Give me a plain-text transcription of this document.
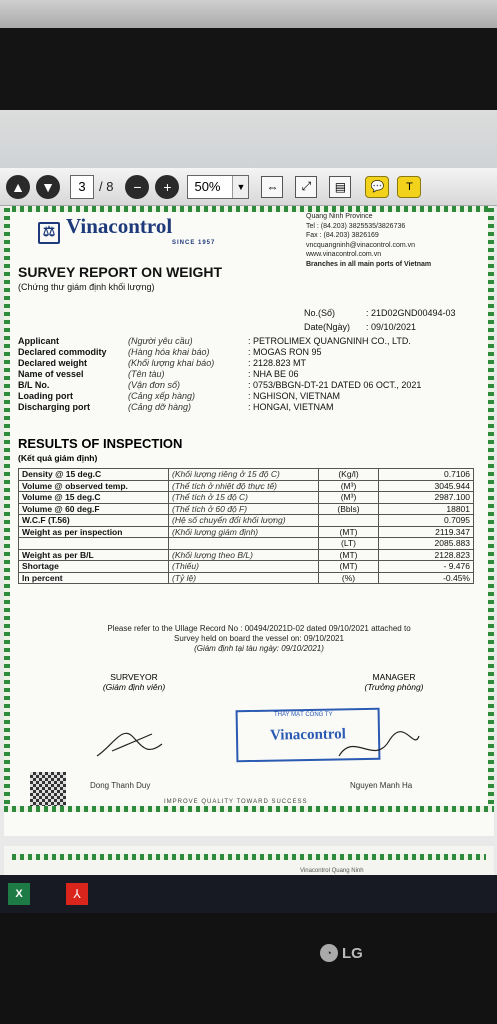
▲	▼	3	/ 8	−	+	50%	▼	⇔	⤢	▤	💬	T
⚖ Vinacontrol
SINCE 1957
Quang Ninh Province
Tel : (84.203) 3825535/3826736
Fax : (84.203) 3826169
vncquangninh@vinacontrol.com.vn
www.vinacontrol.com.vn
Branches in all main ports of Vietnam
SURVEY REPORT ON WEIGHT
(Chứng thư giám định khối lượng)
No.(Số)	: 21D02GND00494-03
Date(Ngày) : 09/10/2021
Applicant	(Người yêu cầu)	: PETROLIMEX QUANGNINH CO., LTD.
Declared commodity	(Hàng hóa khai báo)	: MOGAS RON 95
Declared weight	(Khối lượng khai báo)	: 2128.823 MT
Name of vessel	(Tên tàu)	: NHA BE 06
B/L No.	(Vận đơn số)	: 0753/BBGN-DT-21 DATED 06 OCT., 2021
Loading port	(Cảng xếp hàng)	: NGHISON, VIETNAM
Discharging port	(Cảng dỡ hàng)	: HONGAI, VIETNAM
RESULTS OF INSPECTION
(Kết quả giám định)
Density @ 15 deg.C	(Khối lượng riêng ở 15 độ C)	(Kg/l)	0.7106
Volume @ observed temp.	(Thể tích ở nhiệt độ thực tế)	(M³)	3045.944
Volume @ 15 deg.C	(Thể tích ở 15 độ C)	(M³)	2987.100
Volume @ 60 deg.F	(Thể tích ở 60 độ F)	(Bbls)	18801
W.C.F (T.56)	(Hệ số chuyển đổi khối lượng)		0.7095
Weight as per inspection	(Khối lượng giám định)	(MT)	2119.347
		(LT)	2085.883
Weight as per B/L	(Khối lượng theo B/L)	(MT)	2128.823
Shortage	(Thiếu)	(MT)	- 9.476
In percent	(Tỷ lệ)	(%)	-0.45%
Please refer to the Ullage Record No : 00494/2021D-02 dated 09/10/2021 attached to
Survey held on board the vessel on: 09/10/2021
(Giám định tại tàu ngày: 09/10/2021)
SURVEYOR
(Giám định viên)
MANAGER
(Trưởng phòng)
THAY MẶT CÔNG TY
Vinacontrol
Dong Thanh Duy	Nguyen Manh Ha
IMPROVE QUALITY TOWARD SUCCESS
Vinacontrol Quang Ninh
X	⅄
◔ LG
